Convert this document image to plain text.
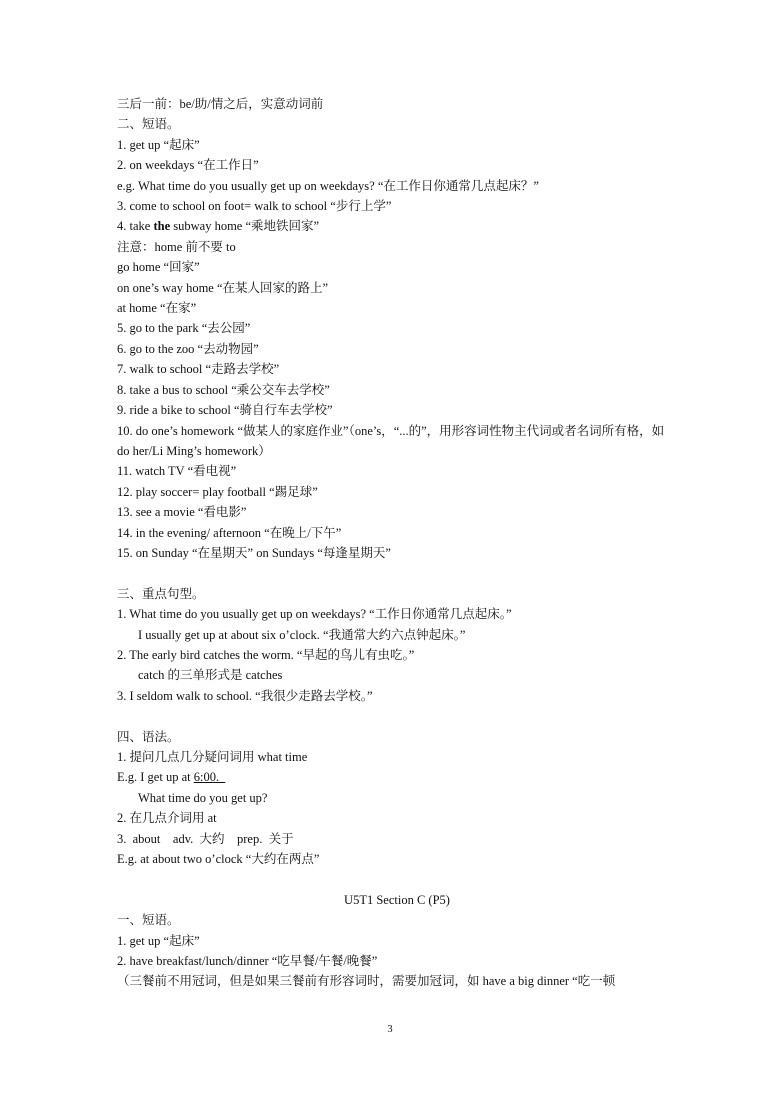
三后一前：be/助/情之后，实意动词前
二、短语。
1. get up “起床”
2. on weekdays “在工作日”
e.g. What time do you usually get up on weekdays? “在工作日你通常几点起床？”
3. come to school on foot= walk to school “步行上学”
4. take the subway home “乘地铁回家”
注意：home 前不要 to
go home “回家”
on one’s way home “在某人回家的路上”
at home “在家”
5. go to the park “去公园”
6. go to the zoo “去动物园”
7. walk to school “走路去学校”
8. take a bus to school “乘公交车去学校”
9. ride a bike to school “骑自行车去学校”
10. do one’s homework “做某人的家庭作业”（one’s，“...的”，用形容词性物主代词或者名词所有格，如 do her/Li Ming’s homework）
11. watch TV “看电视”
12. play soccer= play football “踢足球”
13. see a movie “看电影”
14. in the evening/ afternoon “在晚上/下午”
15. on Sunday “在星期天” on Sundays “每逢星期天”
三、重点句型。
1. What time do you usually get up on weekdays? “工作日你通常几点起床。”
I usually get up at about six o’clock. “我通常大约六点钟起床。”
2. The early bird catches the worm. “早起的鸟儿有虫吃。”
catch 的三单形式是 catches
3. I seldom walk to school. “我很少走路去学校。”
四、语法。
1. 提问几点几分疑问词用 what time
E.g. I get up at 6:00.
What time do you get up?
2. 在几点介词用 at
3.  about    adv.  大约    prep.  关于
E.g. at about two o’clock “大约在两点”
U5T1 Section C (P5)
一、短语。
1. get up “起床”
2. have breakfast/lunch/dinner “吃早餐/午餐/晚餐”
（三餐前不用冠词，但是如果三餐前有形容词时，需要加冠词，如 have a big dinner “吃一顿
3
